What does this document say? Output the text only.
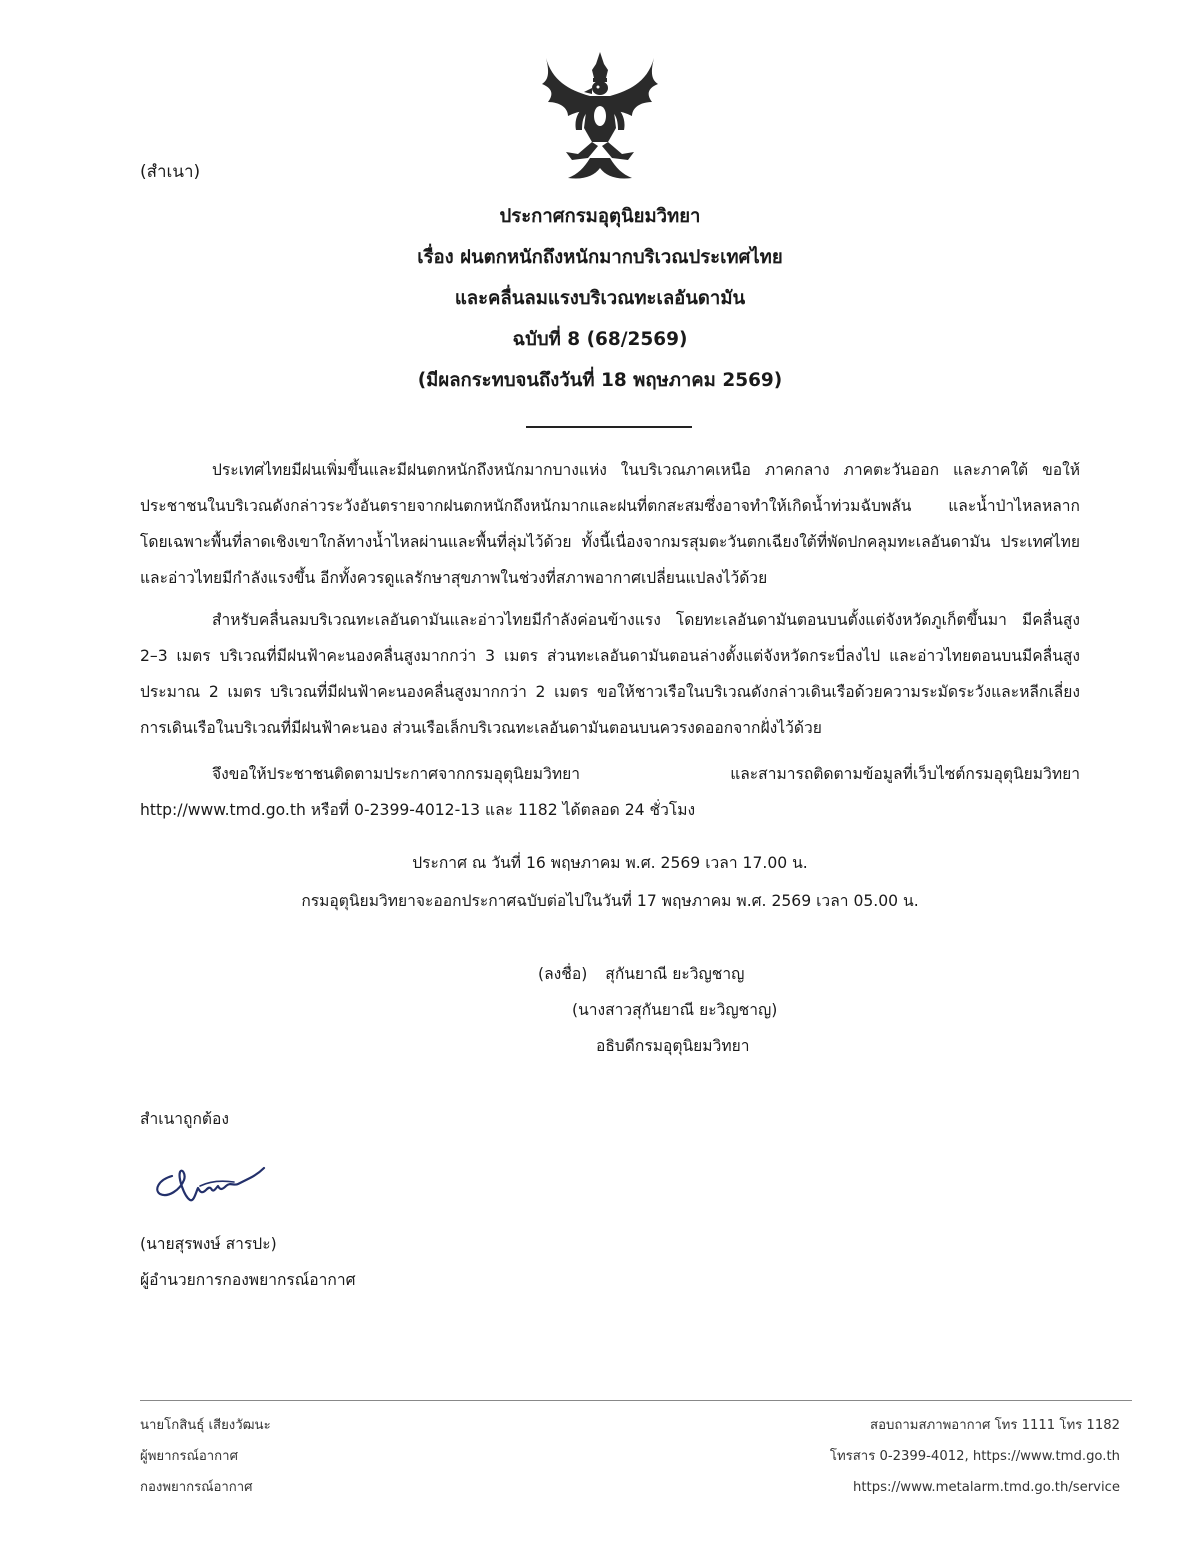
(สำเนา)
ประกาศกรมอุตุนิยมวิทยา
เรื่อง ฝนตกหนักถึงหนักมากบริเวณประเทศไทย
และคลื่นลมแรงบริเวณทะเลอันดามัน
ฉบับที่ 8 (68/2569)
(มีผลกระทบจนถึงวันที่ 18 พฤษภาคม 2569)
ประเทศไทยมีฝนเพิ่มขึ้นและมีฝนตกหนักถึงหนักมากบางแห่ง ในบริเวณภาคเหนือ ภาคกลาง ภาคตะวันออก และภาคใต้ ขอให้ประชาชนในบริเวณดังกล่าวระวังอันตรายจากฝนตกหนักถึงหนักมากและฝนที่ตกสะสมซึ่งอาจทำให้เกิดน้ำท่วมฉับพลัน และน้ำป่าไหลหลาก โดยเฉพาะพื้นที่ลาดเชิงเขาใกล้ทางน้ำไหลผ่านและพื้นที่ลุ่มไว้ด้วย ทั้งนี้เนื่องจากมรสุมตะวันตกเฉียงใต้ที่พัดปกคลุมทะเลอันดามัน ประเทศไทย และอ่าวไทยมีกำลังแรงขึ้น อีกทั้งควรดูแลรักษาสุขภาพในช่วงที่สภาพอากาศเปลี่ยนแปลงไว้ด้วย
สำหรับคลื่นลมบริเวณทะเลอันดามันและอ่าวไทยมีกำลังค่อนข้างแรง โดยทะเลอันดามันตอนบนตั้งแต่จังหวัดภูเก็ตขึ้นมา มีคลื่นสูง 2–3 เมตร บริเวณที่มีฝนฟ้าคะนองคลื่นสูงมากกว่า 3 เมตร ส่วนทะเลอันดามันตอนล่างตั้งแต่จังหวัดกระบี่ลงไป และอ่าวไทยตอนบนมีคลื่นสูงประมาณ 2 เมตร บริเวณที่มีฝนฟ้าคะนองคลื่นสูงมากกว่า 2 เมตร ขอให้ชาวเรือในบริเวณดังกล่าวเดินเรือด้วยความระมัดระวังและหลีกเลี่ยงการเดินเรือในบริเวณที่มีฝนฟ้าคะนอง ส่วนเรือเล็กบริเวณทะเลอันดามันตอนบนควรงดออกจากฝั่งไว้ด้วย
จึงขอให้ประชาชนติดตามประกาศจากกรมอุตุนิยมวิทยา และสามารถติดตามข้อมูลที่เว็บไซต์กรมอุตุนิยมวิทยา http://www.tmd.go.th หรือที่ 0-2399-4012-13 และ 1182 ได้ตลอด 24 ชั่วโมง
ประกาศ ณ วันที่ 16 พฤษภาคม พ.ศ. 2569 เวลา 17.00 น.
กรมอุตุนิยมวิทยาจะออกประกาศฉบับต่อไปในวันที่ 17 พฤษภาคม พ.ศ. 2569 เวลา 05.00 น.
(ลงชื่อ) สุกันยาณี ยะวิญชาญ
(นางสาวสุกันยาณี ยะวิญชาญ)
อธิบดีกรมอุตุนิยมวิทยา
สำเนาถูกต้อง
(นายสุรพงษ์ สารปะ)
ผู้อำนวยการกองพยากรณ์อากาศ
นายโกสินธุ์ เสียงวัฒนะ
ผู้พยากรณ์อากาศ
กองพยากรณ์อากาศ
สอบถามสภาพอากาศ โทร 1111 โทร 1182
โทรสาร 0-2399-4012, https://www.tmd.go.th
https://www.metalarm.tmd.go.th/service
